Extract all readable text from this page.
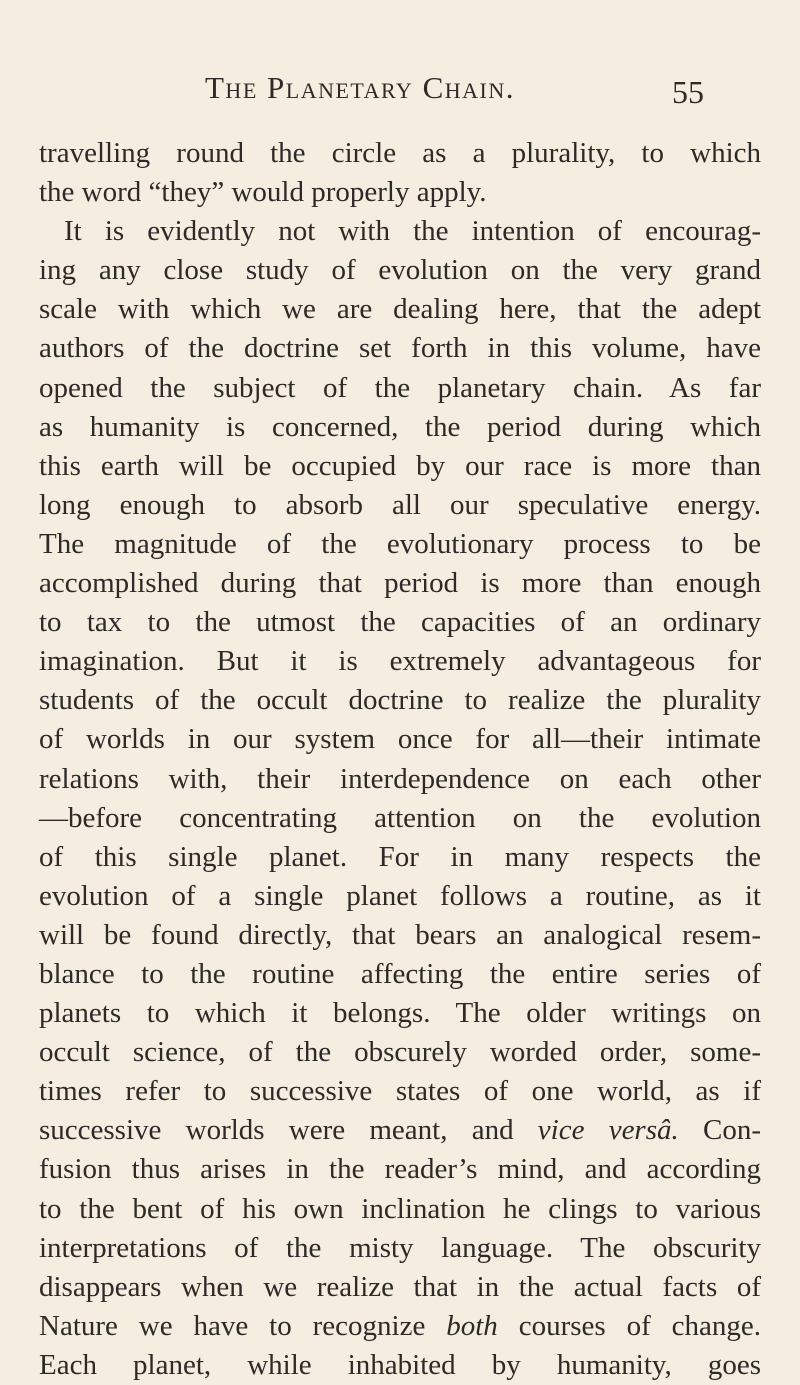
The Planetary Chain.	55
travelling round the circle as a plurality, to which
the word “they” would properly apply.
It is evidently not with the intention of encourag-
ing any close study of evolution on the very grand
scale with which we are dealing here, that the adept
authors of the doctrine set forth in this volume, have
opened the subject of the planetary chain. As far
as humanity is concerned, the period during which
this earth will be occupied by our race is more than
long enough to absorb all our speculative energy.
The magnitude of the evolutionary process to be
accomplished during that period is more than enough
to tax to the utmost the capacities of an ordinary
imagination. But it is extremely advantageous for
students of the occult doctrine to realize the plurality
of worlds in our system once for all—their intimate
relations with, their interdependence on each other
—before concentrating attention on the evolution
of this single planet. For in many respects the
evolution of a single planet follows a routine, as it
will be found directly, that bears an analogical resem-
blance to the routine affecting the entire series of
planets to which it belongs. The older writings on
occult science, of the obscurely worded order, some-
times refer to successive states of one world, as if
successive worlds were meant, and vice versâ. Con-
fusion thus arises in the reader’s mind, and according
to the bent of his own inclination he clings to various
interpretations of the misty language. The obscurity
disappears when we realize that in the actual facts of
Nature we have to recognize both courses of change.
Each planet, while inhabited by humanity, goes
